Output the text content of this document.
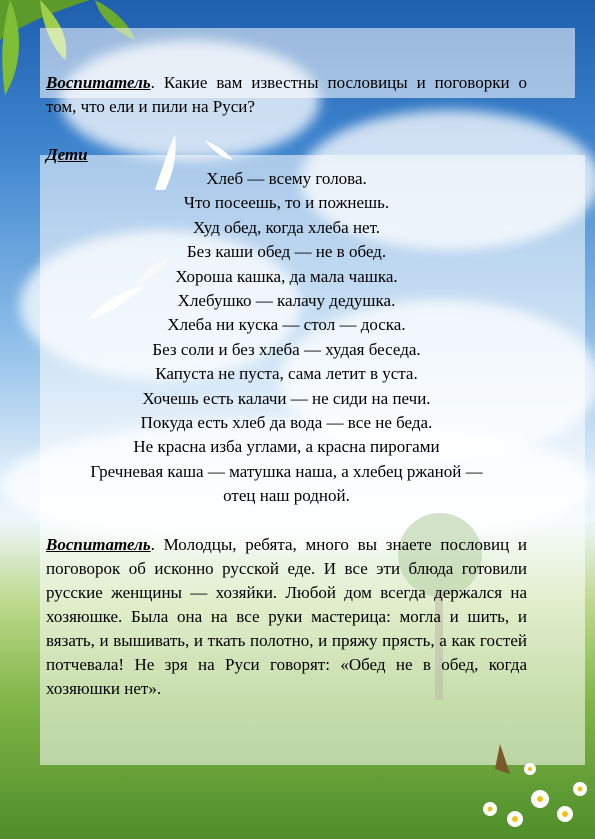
Воспитатель. Какие вам известны пословицы и поговорки о том, что ели и пили на Руси?

Дети
Хлеб — всему голова.
Что посеешь, то и пожнешь.
Худ обед, когда хлеба нет.
Без каши обед — не в обед.
Хороша кашка, да мала чашка.
Хлебушко — калачу дедушка.
Хлеба ни куска — стол — доска.
Без соли и без хлеба — худая беседа.
Капуста не пуста, сама летит в уста.
Хочешь есть калачи — не сиди на печи.
Покуда есть хлеб да вода — все не беда.
Не красна изба углами, а красна пирогами
Гречневая каша — матушка наша, а хлебец ржаной —
отец наш родной.

Воспитатель. Молодцы, ребята, много вы знаете пословиц и поговорок об исконно русской еде. И все эти блюда готовили русские женщины — хозяйки. Любой дом всегда держался на хозяюшке. Была она на все руки мастерица: могла и шить, и вязать, и вышивать, и ткать полотно, и пряжу прясть, а как гостей потчевала! Не зря на Руси говорят: «Обед не в обед, когда хозяюшки нет».
